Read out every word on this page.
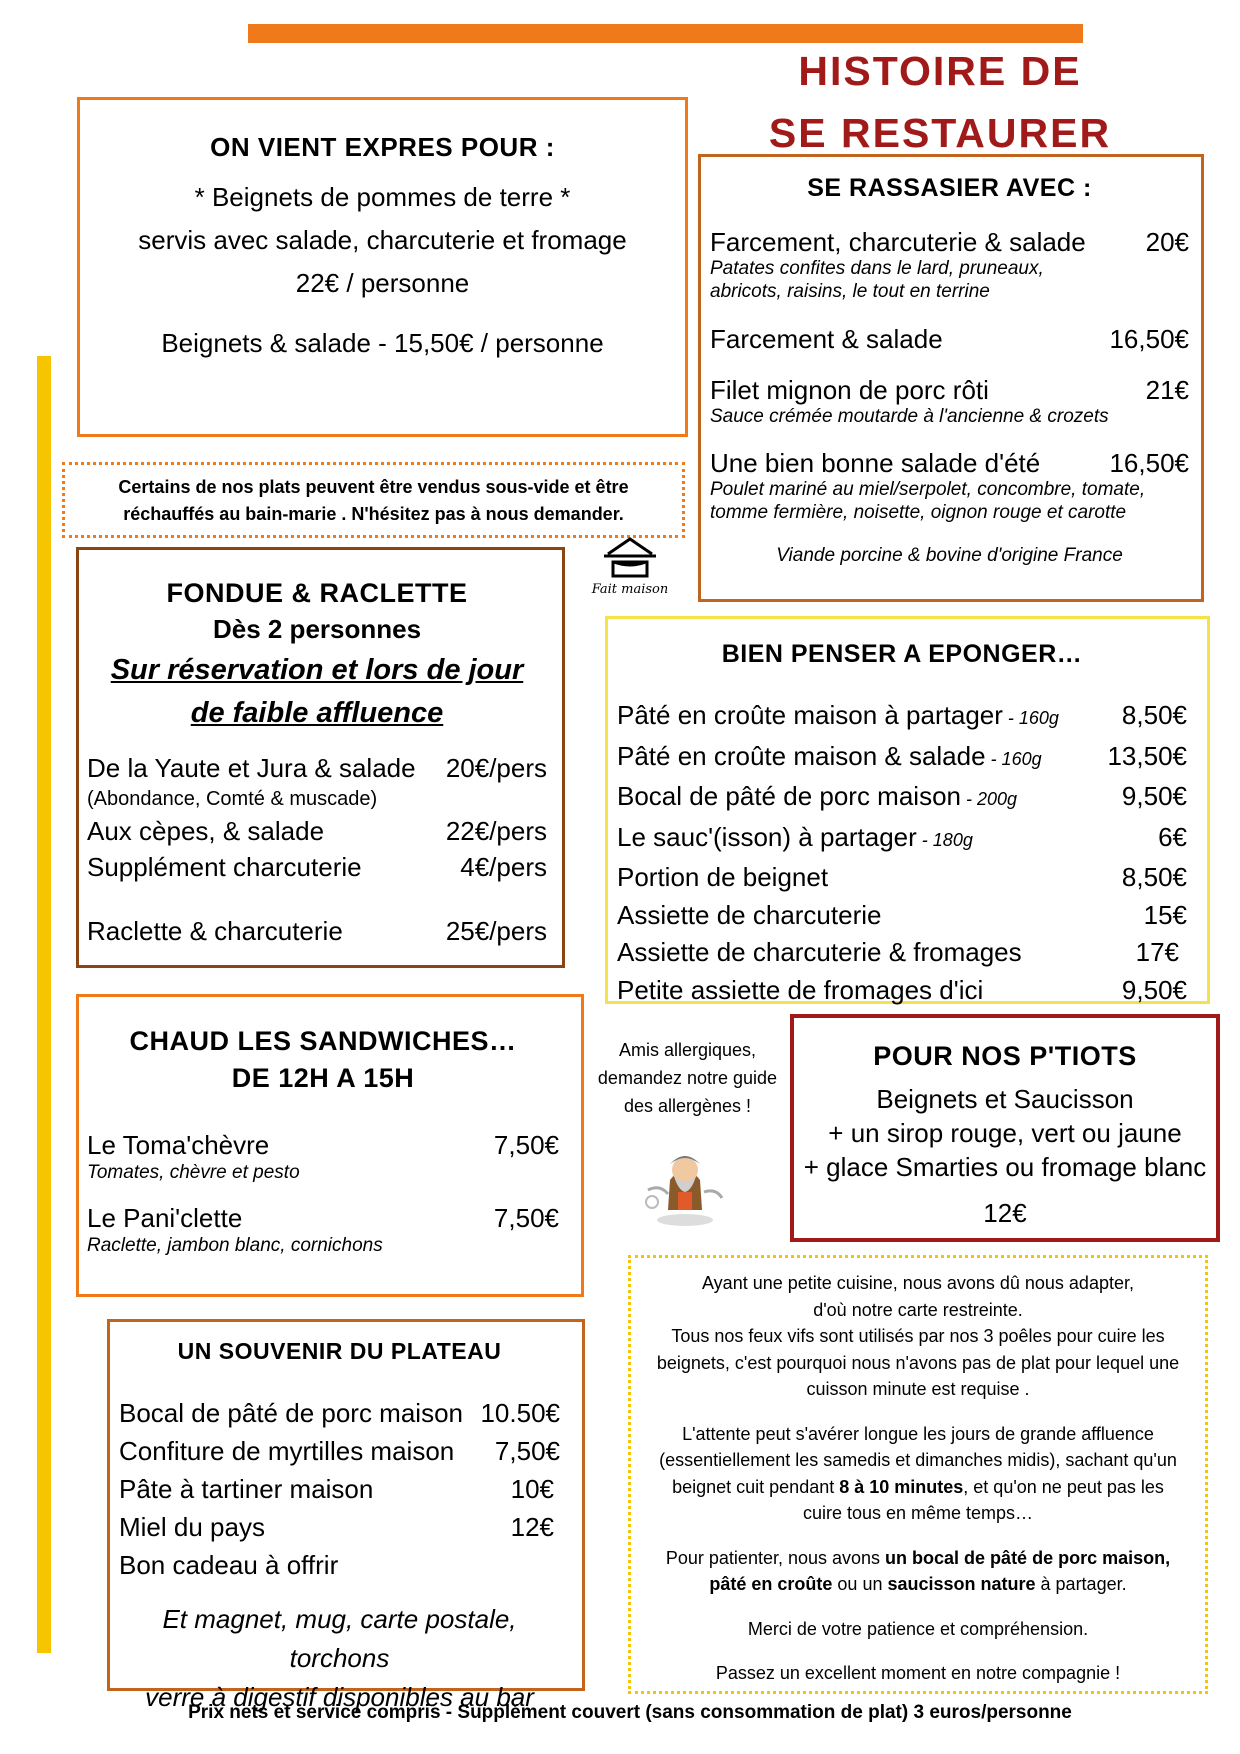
HISTOIRE DE
SE RESTAURER
ON VIENT EXPRES POUR :
* Beignets de pommes de terre *
servis avec salade, charcuterie et fromage
22€ / personne
Beignets & salade - 15,50€ / personne
Certains de nos plats peuvent être vendus sous-vide et être
réchauffés au bain-marie . N'hésitez pas à nous demander.
Fait maison
FONDUE & RACLETTE
Dès 2 personnes
Sur réservation et lors de jour
de faible affluence
De la Yaute et Jura & salade 20€/pers
(Abondance, Comté & muscade)
Aux cèpes, & salade	22€/pers
Supplément charcuterie	4€/pers
Raclette & charcuterie	25€/pers
CHAUD LES SANDWICHES…
DE 12H A 15H
Le Toma'chèvre	7,50€
Tomates, chèvre et pesto
Le Pani'clette	7,50€
Raclette, jambon blanc, cornichons
UN SOUVENIR DU PLATEAU
Bocal de pâté de porc maison 10.50€
Confiture de myrtilles maison 7,50€
Pâte à tartiner maison	10€
Miel du pays	12€
Bon cadeau à offrir
Et magnet, mug, carte postale, torchons
verre à digestif disponibles au bar
SE RASSASIER AVEC :
Farcement, charcuterie & salade 20€
Patates confites dans le lard, pruneaux,
abricots, raisins, le tout en terrine
Farcement & salade	16,50€
Filet mignon de porc rôti	21€
Sauce crémée moutarde à l'ancienne & crozets
Une bien bonne salade d'été	16,50€
Poulet mariné au miel/serpolet, concombre, tomate,
tomme fermière, noisette, oignon rouge et carotte
Viande porcine & bovine d'origine France
BIEN PENSER A EPONGER…
Pâté en croûte maison à partager - 160g 8,50€
Pâté en croûte maison & salade - 160g	13,50€
Bocal de pâté de porc maison - 200g	9,50€
Le sauc'(isson) à partager - 180g	6€
Portion de beignet	8,50€
Assiette de charcuterie	15€
Assiette de charcuterie & fromages	17€
Petite assiette de fromages d'ici	9,50€
Amis allergiques,
demandez notre guide
des allergènes !
POUR NOS P'TIOTS
Beignets et Saucisson
+ un sirop rouge, vert ou jaune
+ glace Smarties ou fromage blanc
12€
Ayant une petite cuisine, nous avons dû nous adapter,
d'où notre carte restreinte.
Tous nos feux vifs sont utilisés par nos 3 poêles pour cuire les
beignets, c'est pourquoi nous n'avons pas de plat pour lequel une
cuisson minute est requise .
L'attente peut s'avérer longue les jours de grande affluence
(essentiellement les samedis et dimanches midis), sachant qu'un
beignet cuit pendant 8 à 10 minutes, et qu'on ne peut pas les
cuire tous en même temps…
Pour patienter, nous avons un bocal de pâté de porc maison,
pâté en croûte ou un saucisson nature à partager.
Merci de votre patience et compréhension.
Passez un excellent moment en notre compagnie !
Prix nets et service compris - Supplément couvert (sans consommation de plat) 3 euros/personne
